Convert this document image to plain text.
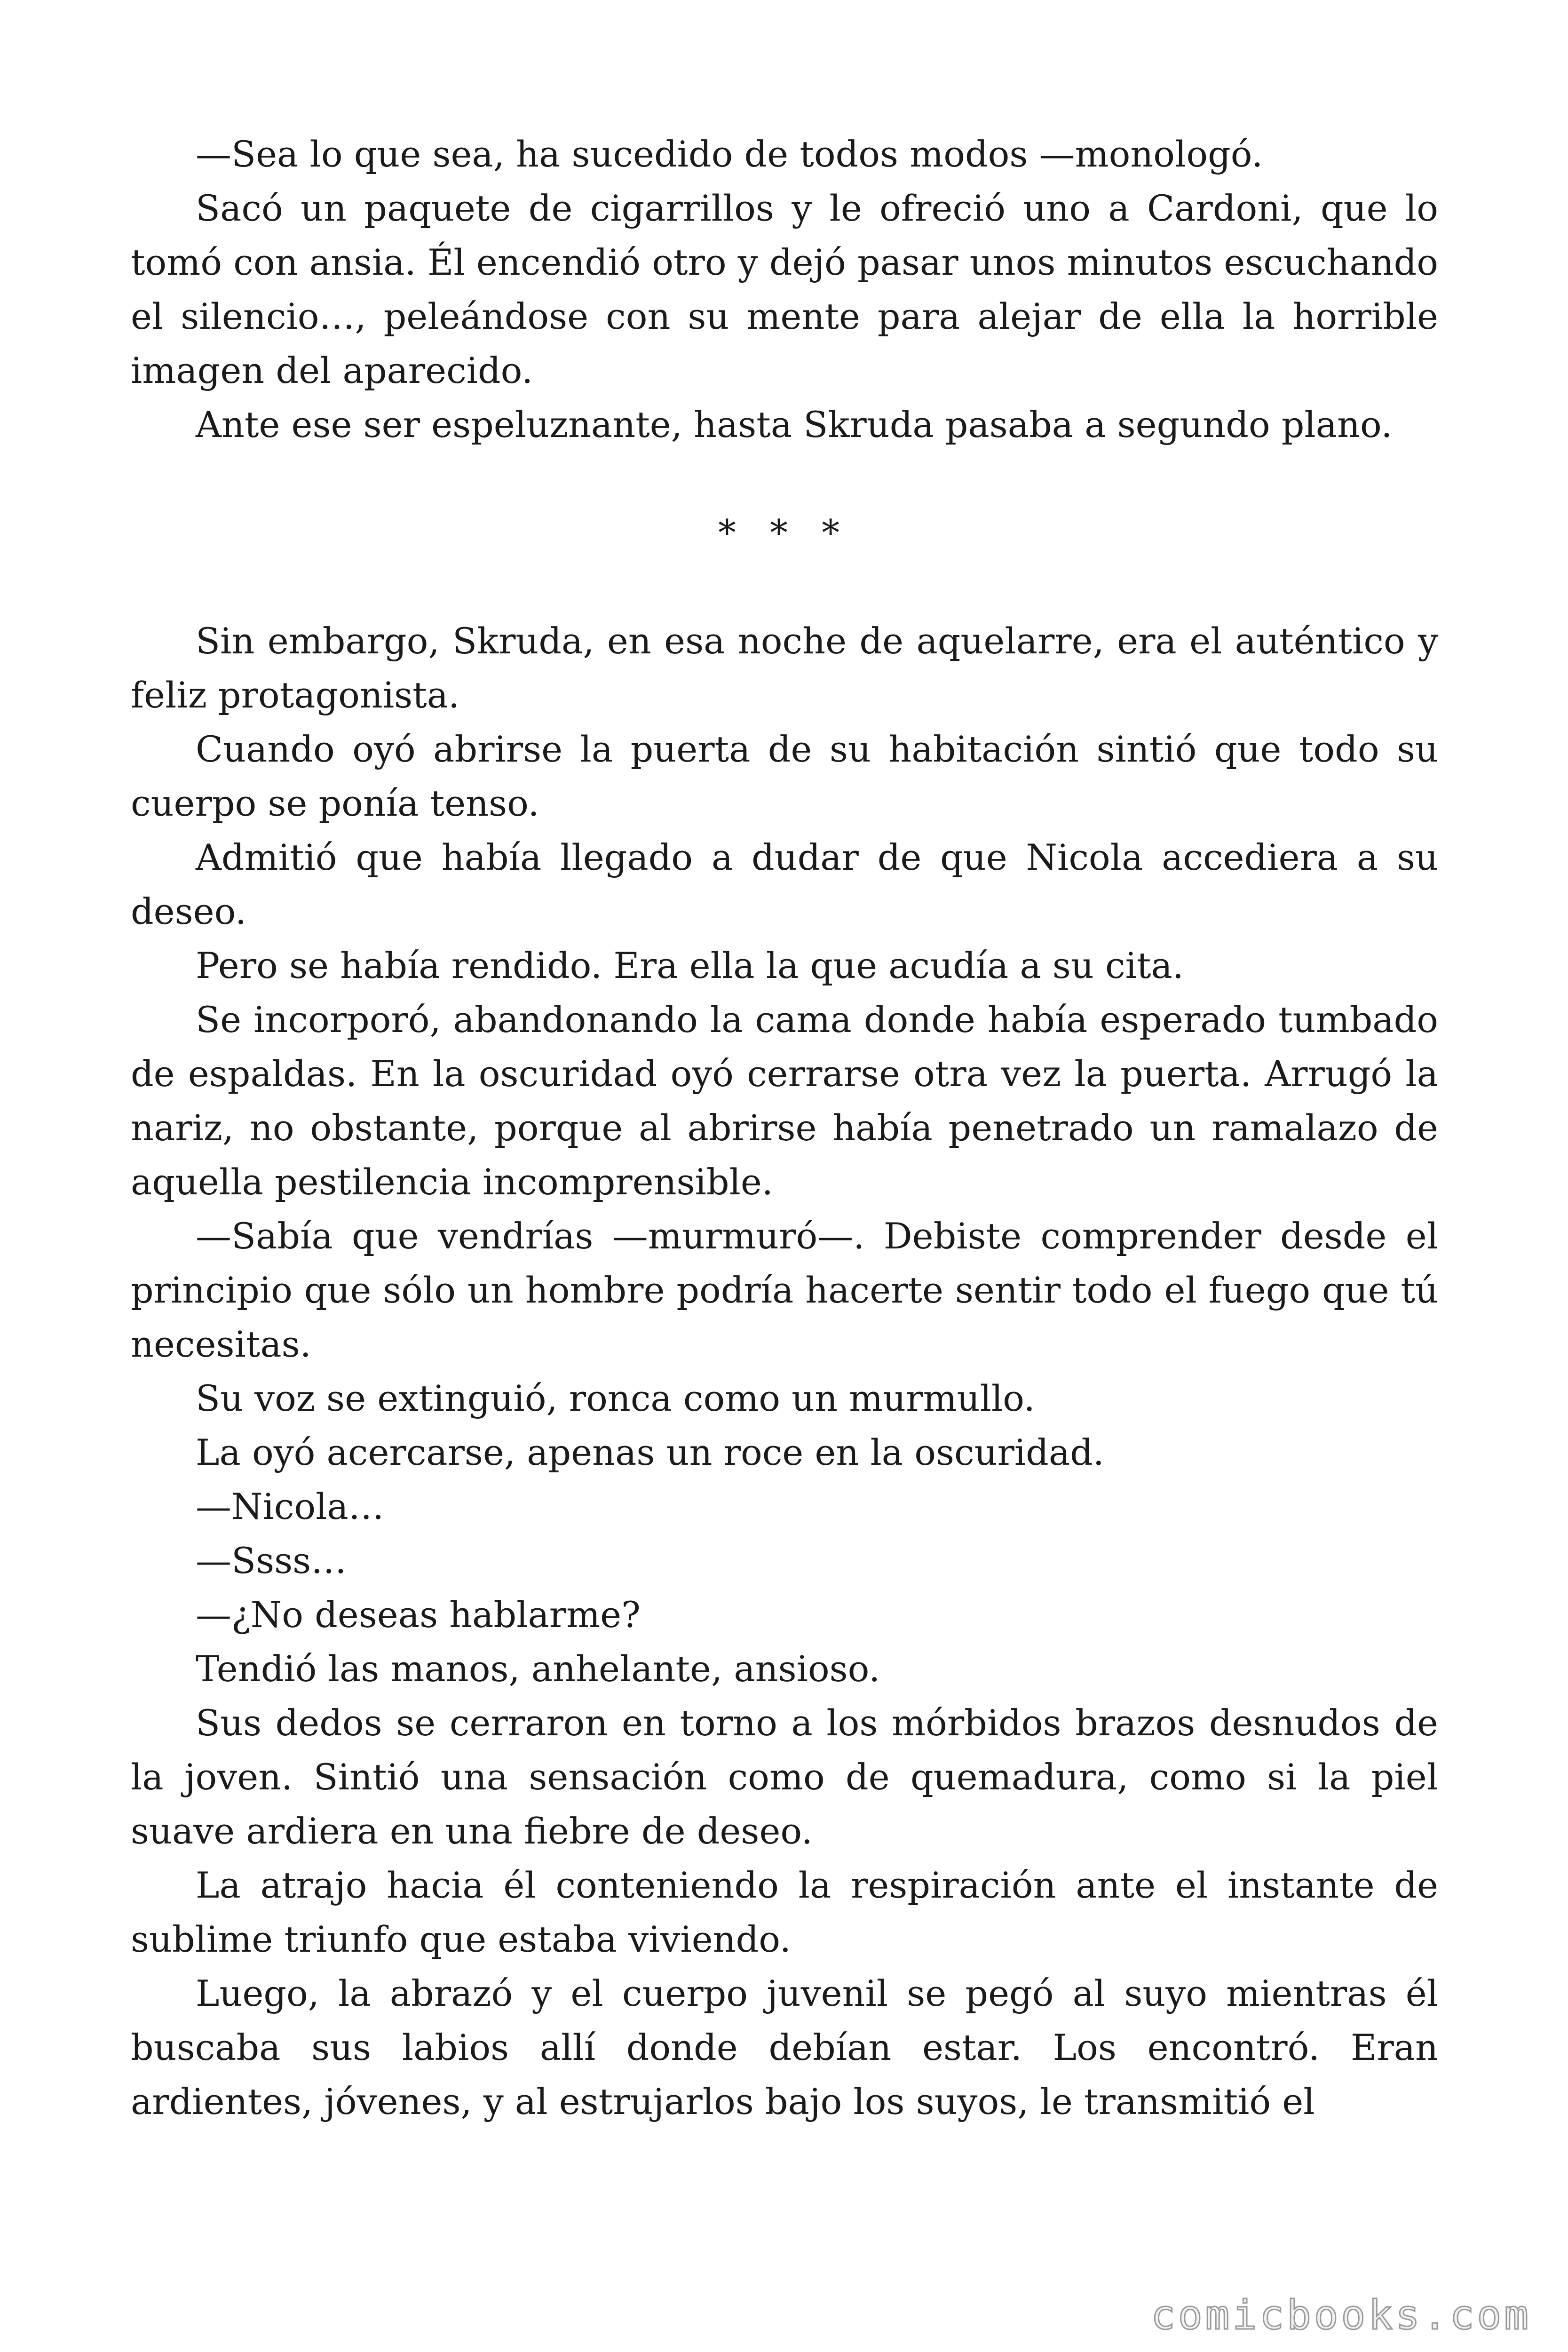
—Sea lo que sea, ha sucedido de todos modos —monologó.

Sacó un paquete de cigarrillos y le ofreció uno a Cardoni, que lo tomó con ansia. Él encendió otro y dejó pasar unos minutos escuchando el silencio…, peleándose con su mente para alejar de ella la horrible imagen del aparecido.

Ante ese ser espeluznante, hasta Skruda pasaba a segundo plano.

* * *

Sin embargo, Skruda, en esa noche de aquelarre, era el auténtico y feliz protagonista.

Cuando oyó abrirse la puerta de su habitación sintió que todo su cuerpo se ponía tenso.

Admitió que había llegado a dudar de que Nicola accediera a su deseo.

Pero se había rendido. Era ella la que acudía a su cita.

Se incorporó, abandonando la cama donde había esperado tumbado de espaldas. En la oscuridad oyó cerrarse otra vez la puerta. Arrugó la nariz, no obstante, porque al abrirse había penetrado un ramalazo de aquella pestilencia incomprensible.

—Sabía que vendrías —murmuró—. Debiste comprender desde el principio que sólo un hombre podría hacerte sentir todo el fuego que tú necesitas.

Su voz se extinguió, ronca como un murmullo.

La oyó acercarse, apenas un roce en la oscuridad.

—Nicola…

—Ssss…

—¿No deseas hablarme?

Tendió las manos, anhelante, ansioso.

Sus dedos se cerraron en torno a los mórbidos brazos desnudos de la joven. Sintió una sensación como de quemadura, como si la piel suave ardiera en una fiebre de deseo.

La atrajo hacia él conteniendo la respiración ante el instante de sublime triunfo que estaba viviendo.

Luego, la abrazó y el cuerpo juvenil se pegó al suyo mientras él buscaba sus labios allí donde debían estar. Los encontró. Eran ardientes, jóvenes, y al estrujarlos bajo los suyos, le transmitió el

comicbooks.com
